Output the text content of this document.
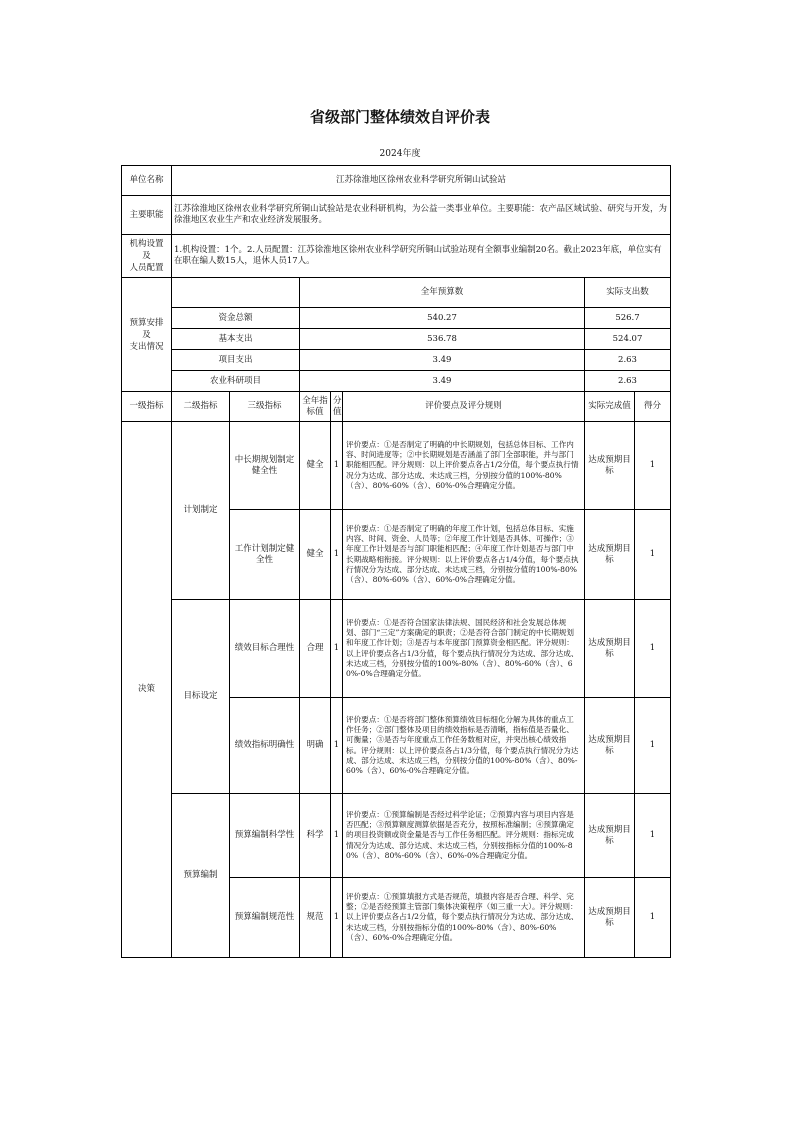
省级部门整体绩效自评价表
2024年度
单位名称	江苏徐淮地区徐州农业科学研究所铜山试验站						
主要职能	江苏徐淮地区徐州农业科学研究所铜山试验站是农业科研机构，为公益一类事业单位。主要职能：农产品区域试验、研究与开发，为徐淮地区农业生产和农业经济发展服务。						
机构设置
及
人员配置	1.机构设置：1个。2.人员配置：江苏徐淮地区徐州农业科学研究所铜山试验站现有全额事业编制20名。截止2023年底，单位实有在职在编人数15人，退休人员17人。						
预算安排
及
支出情况			全年预算数			实际支出数	
	资金总额		540.27			526.7	
	基本支出		536.78			524.07	
	项目支出		3.49			2.63	
	农业科研项目		3.49			2.63	
一级指标	二级指标	三级指标	全年指标值	分值	评价要点及评分规则	实际完成值	得分
决策	计划制定	中长期规划制定健全性	健全	1	评价要点：①是否制定了明确的中长期规划，包括总体目标、工作内容、时间进度等；②中长期规划是否涵盖了部门全部职能，并与部门职能相匹配。评分规则：以上评价要点各占1/2分值，每个要点执行情况分为达成、部分达成、未达成三档，分别按分值的100%-80%（含）、80%-60%（含）、60%-0%合理确定分值。	达成预期目标	1
		工作计划制定健全性	健全	1	评价要点：①是否制定了明确的年度工作计划，包括总体目标、实施内容、时间、资金、人员等；②年度工作计划是否具体、可操作；③年度工作计划是否与部门职能相匹配；④年度工作计划是否与部门中长期战略相衔接。评分规则：以上评价要点各占1/4分值，每个要点执行情况分为达成、部分达成、未达成三档，分别按分值的100%-80%（含）、80%-60%（含）、60%-0%合理确定分值。	达成预期目标	1
	目标设定	绩效目标合理性	合理	1	评价要点：①是否符合国家法律法规、国民经济和社会发展总体规划、部门“三定”方案确定的职责；②是否符合部门制定的中长期规划和年度工作计划；③是否与本年度部门预算资金相匹配。评分规则：以上评价要点各占1/3分值，每个要点执行情况分为达成、部分达成、未达成三档，分别按分值的100%-80%（含）、80%-60%（含）、60%-0%合理确定分值。	达成预期目标	1
		绩效指标明确性	明确	1	评价要点：①是否将部门整体预算绩效目标细化分解为具体的重点工作任务；②部门整体及项目的绩效指标是否清晰，指标值是否量化、可衡量；③是否与年度重点工作任务数相对应，并突出核心绩效指标。评分规则：以上评价要点各占1/3分值，每个要点执行情况分为达成、部分达成、未达成三档，分别按分值的100%-80%（含）、80%-60%（含）、60%-0%合理确定分值。	达成预期目标	1
	预算编制	预算编制科学性	科学	1	评价要点：①预算编制是否经过科学论证；②预算内容与项目内容是否匹配；③预算额度测算依据是否充分，按照标准编制；④预算确定的项目投资额或资金量是否与工作任务相匹配。评分规则：指标完成情况分为达成、部分达成、未达成三档，分别按指标分值的100%-80%（含）、80%-60%（含）、60%-0%合理确定分值。	达成预期目标	1
		预算编制规范性	规范	1	评价要点：①预算填报方式是否规范，填报内容是否合理、科学、完整；②是否经预算主管部门集体决策程序（如三重一大）。评分规则：以上评价要点各占1/2分值，每个要点执行情况分为达成、部分达成、未达成三档，分别按指标分值的100%-80%（含）、80%-60%（含）、60%-0%合理确定分值。	达成预期目标	1
